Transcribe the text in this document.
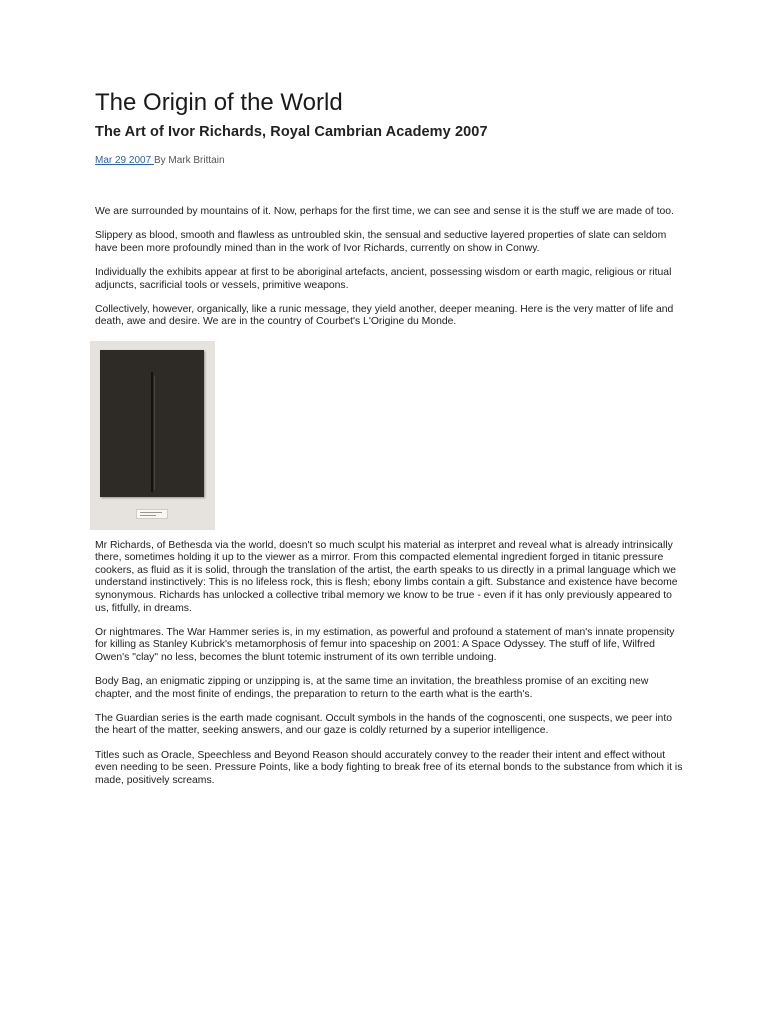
The Origin of the World
The Art of Ivor Richards, Royal Cambrian Academy 2007
Mar 29 2007 By Mark Brittain

We are surrounded by mountains of it. Now, perhaps for the first time, we can see and sense it is the stuff we are made of too.

Slippery as blood, smooth and flawless as untroubled skin, the sensual and seductive layered properties of slate can seldom have been more profoundly mined than in the work of Ivor Richards, currently on show in Conwy.

Individually the exhibits appear at first to be aboriginal artefacts, ancient, possessing wisdom or earth magic, religious or ritual adjuncts, sacrificial tools or vessels, primitive weapons.

Collectively, however, organically, like a runic message, they yield another, deeper meaning. Here is the very matter of life and death, awe and desire. We are in the country of Courbet's L'Origine du Monde.

Mr Richards, of Bethesda via the world, doesn't so much sculpt his material as interpret and reveal what is already intrinsically there, sometimes holding it up to the viewer as a mirror. From this compacted elemental ingredient forged in titanic pressure cookers, as fluid as it is solid, through the translation of the artist, the earth speaks to us directly in a primal language which we understand instinctively: This is no lifeless rock, this is flesh; ebony limbs contain a gift. Substance and existence have become synonymous. Richards has unlocked a collective tribal memory we know to be true - even if it has only previously appeared to us, fitfully, in dreams.

Or nightmares. The War Hammer series is, in my estimation, as powerful and profound a statement of man's innate propensity for killing as Stanley Kubrick's metamorphosis of femur into spaceship on 2001: A Space Odyssey. The stuff of life, Wilfred Owen's "clay" no less, becomes the blunt totemic instrument of its own terrible undoing.

Body Bag, an enigmatic zipping or unzipping is, at the same time an invitation, the breathless promise of an exciting new chapter, and the most finite of endings, the preparation to return to the earth what is the earth's.

The Guardian series is the earth made cognisant. Occult symbols in the hands of the cognoscenti, one suspects, we peer into the heart of the matter, seeking answers, and our gaze is coldly returned by a superior intelligence.

Titles such as Oracle, Speechless and Beyond Reason should accurately convey to the reader their intent and effect without even needing to be seen. Pressure Points, like a body fighting to break free of its eternal bonds to the substance from which it is made, positively screams.
